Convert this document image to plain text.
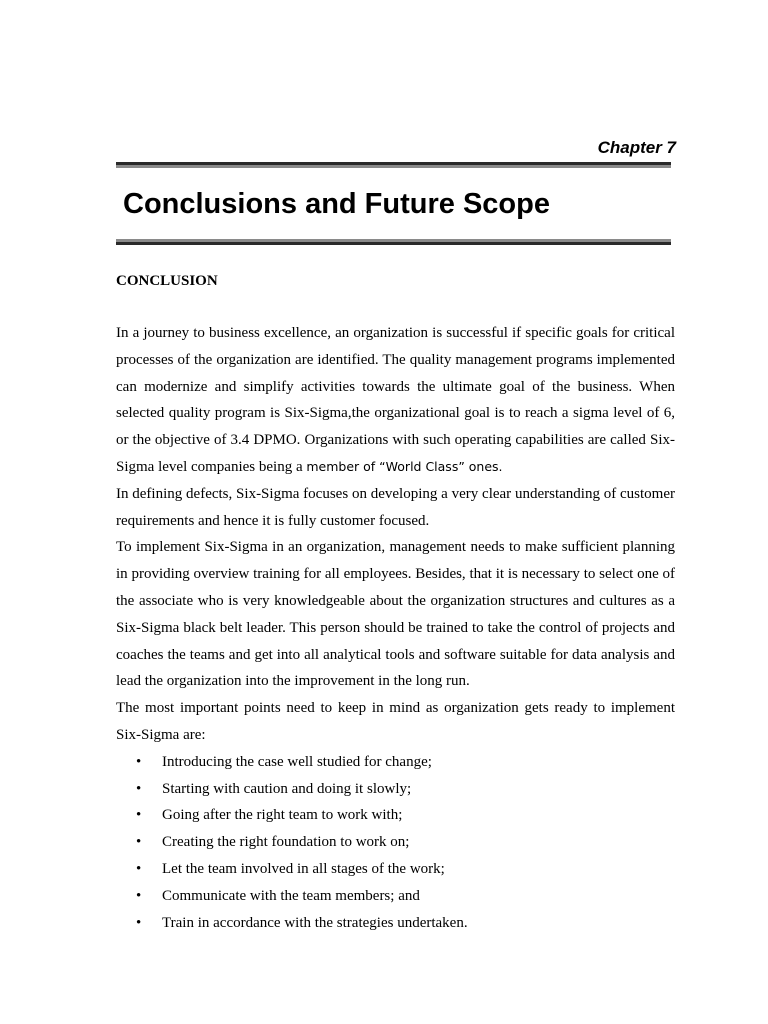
Chapter 7
Conclusions and Future Scope
CONCLUSION

In a journey to business excellence, an organization is successful if specific goals for critical processes of the organization are identified. The quality management programs implemented can modernize and simplify activities towards the ultimate goal of the business. When selected quality program is Six-Sigma,the organizational goal is to reach a sigma level of 6, or the objective of 3.4 DPMO. Organizations with such operating capabilities are called Six-Sigma level companies being a member of “World Class” ones.

In defining defects, Six-Sigma focuses on developing a very clear understanding of customer requirements and hence it is fully customer focused.

To implement Six-Sigma in an organization, management needs to make sufficient planning in providing overview training for all employees. Besides, that it is necessary to select one of the associate who is very knowledgeable about the organization structures and cultures as a Six-Sigma black belt leader. This person should be trained to take the control of projects and coaches the teams and get into all analytical tools and software suitable for data analysis and lead the organization into the improvement in the long run.

The most important points need to keep in mind as organization gets ready to implement Six-Sigma are:

• Introducing the case well studied for change;
• Starting with caution and doing it slowly;
• Going after the right team to work with;
• Creating the right foundation to work on;
• Let the team involved in all stages of the work;
• Communicate with the team members; and
• Train in accordance with the strategies undertaken.
